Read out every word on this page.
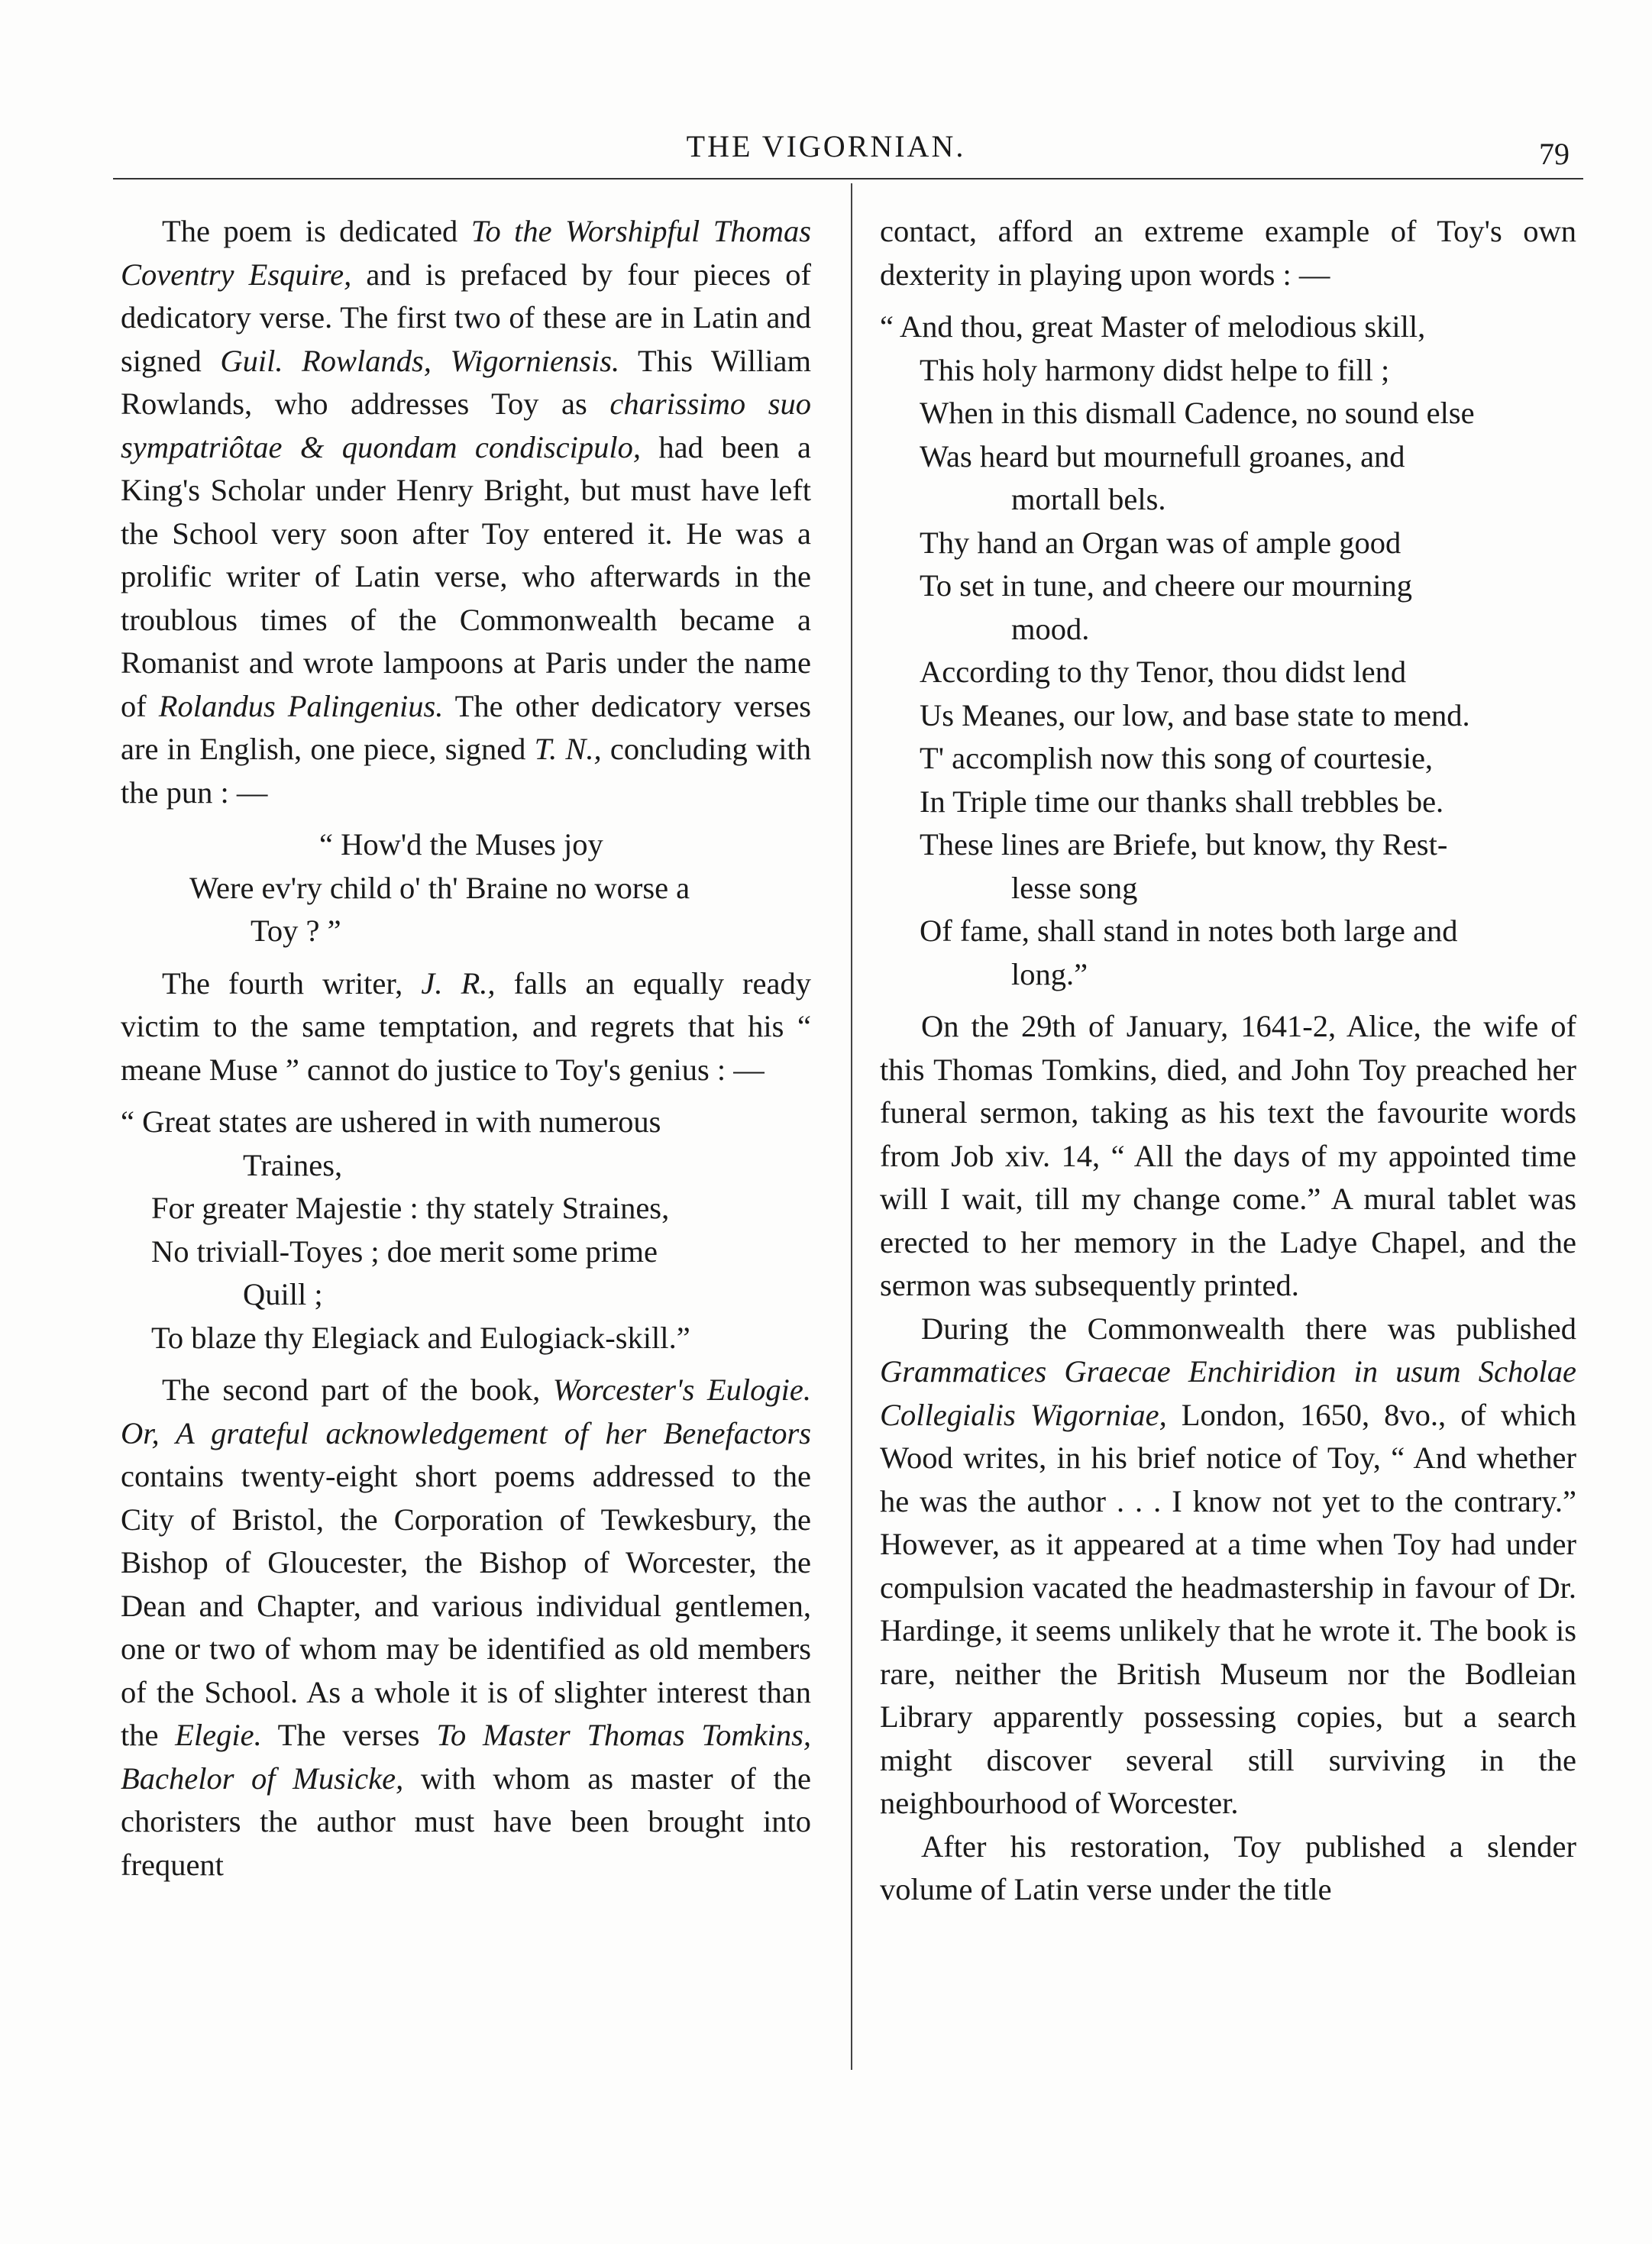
THE VIGORNIAN.	79

The poem is dedicated To the Worshipful Thomas Coventry Esquire, and is prefaced by four pieces of dedicatory verse. The first two of these are in Latin and signed Guil. Rowlands, Wigorniensis. This William Rowlands, who addresses Toy as charissimo suo sympatriôtae & quondam condiscipulo, had been a King's Scholar under Henry Bright, but must have left the School very soon after Toy entered it. He was a prolific writer of Latin verse, who afterwards in the troublous times of the Commonwealth became a Romanist and wrote lampoons at Paris under the name of Rolandus Palingenius. The other dedicatory verses are in English, one piece, signed T. N., concluding with the pun : —

“ How'd the Muses joy
Were ev'ry child o' th' Braine no worse a
Toy ? ”

The fourth writer, J. R., falls an equally ready victim to the same temptation, and regrets that his “ meane Muse ” cannot do justice to Toy's genius : —

“ Great states are ushered in with numerous
Traines,
For greater Majestie : thy stately Straines,
No triviall-Toyes ; doe merit some prime
Quill ;
To blaze thy Elegiack and Eulogiack-skill.”

The second part of the book, Worcester's Eulogie. Or, A grateful acknowledgement of her Benefactors contains twenty-eight short poems addressed to the City of Bristol, the Corporation of Tewkesbury, the Bishop of Gloucester, the Bishop of Worcester, the Dean and Chapter, and various individual gentlemen, one or two of whom may be identified as old members of the School. As a whole it is of slighter interest than the Elegie. The verses To Master Thomas Tomkins, Bachelor of Musicke, with whom as master of the choristers the author must have been brought into frequent

contact, afford an extreme example of Toy's own dexterity in playing upon words : —

“ And thou, great Master of melodious skill,
This holy harmony didst helpe to fill ;
When in this dismall Cadence, no sound else
Was heard but mournefull groanes, and
mortall bels.
Thy hand an Organ was of ample good
To set in tune, and cheere our mourning
mood.
According to thy Tenor, thou didst lend
Us Meanes, our low, and base state to mend.
T' accomplish now this song of courtesie,
In Triple time our thanks shall trebbles be.
These lines are Briefe, but know, thy Rest-
lesse song
Of fame, shall stand in notes both large and
long.”

On the 29th of January, 1641-2, Alice, the wife of this Thomas Tomkins, died, and John Toy preached her funeral sermon, taking as his text the favourite words from Job xiv. 14, “ All the days of my appointed time will I wait, till my change come.” A mural tablet was erected to her memory in the Ladye Chapel, and the sermon was subsequently printed.

During the Commonwealth there was published Grammatices Graecae Enchiridion in usum Scholae Collegialis Wigorniae, London, 1650, 8vo., of which Wood writes, in his brief notice of Toy, “ And whether he was the author . . . I know not yet to the contrary.” However, as it appeared at a time when Toy had under compulsion vacated the headmastership in favour of Dr. Hardinge, it seems unlikely that he wrote it. The book is rare, neither the British Museum nor the Bodleian Library apparently possessing copies, but a search might discover several still surviving in the neighbourhood of Worcester.

After his restoration, Toy published a slender volume of Latin verse under the title
